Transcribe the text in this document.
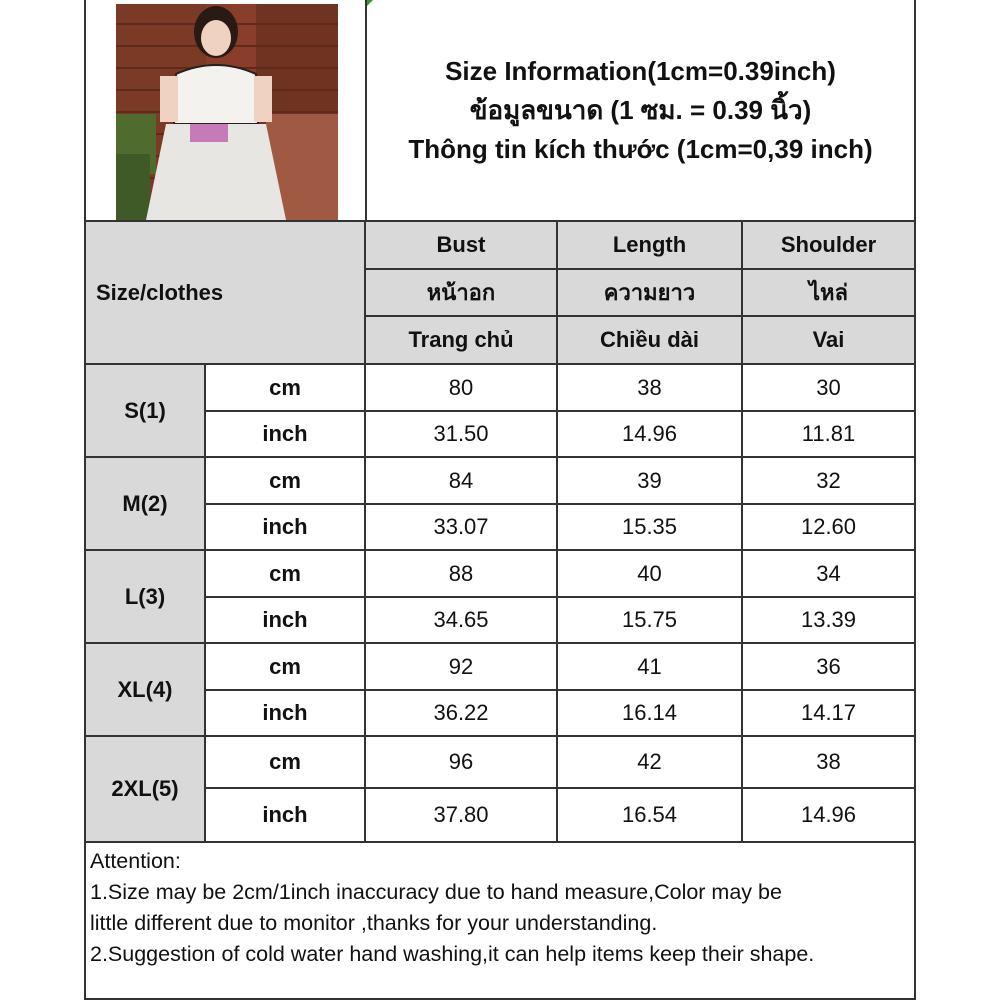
Size Information(1cm=0.39inch)
ข้อมูลขนาด (1 ซม. = 0.39 นิ้ว)
Thông tin kích thước (1cm=0,39 inch)
Size/clothes		Bust	Length	Shoulder
		หน้าอก	ความยาว	ไหล่
		Trang chủ	Chiều dài	Vai
S(1)	cm	80	38	30
	inch	31.50	14.96	11.81
M(2)	cm	84	39	32
	inch	33.07	15.35	12.60
L(3)	cm	88	40	34
	inch	34.65	15.75	13.39
XL(4)	cm	92	41	36
	inch	36.22	16.14	14.17
2XL(5)	cm	96	42	38
	inch	37.80	16.54	14.96
Attention:
1.Size may be 2cm/1inch inaccuracy due to hand measure,Color may be
little different due to monitor ,thanks for your understanding.
2.Suggestion of cold water hand washing,it can help items keep their shape.
